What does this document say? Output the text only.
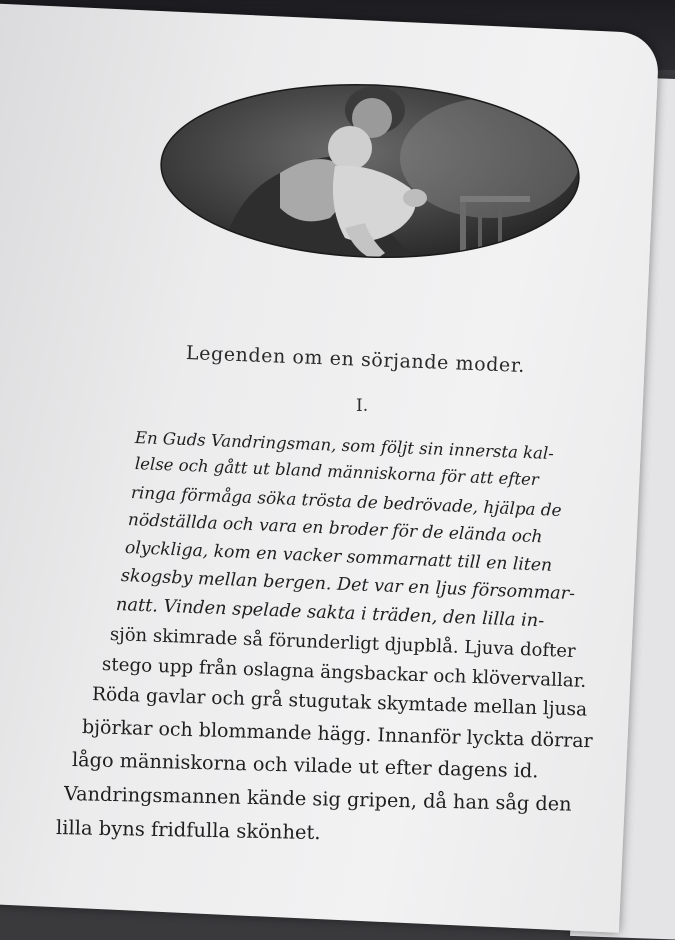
Legenden om en sörjande moder.
I.
En Guds Vandringsman, som följt sin innersta kal-
lelse och gått ut bland människorna för att efter
ringa förmåga söka trösta de bedrövade, hjälpa de
nödställda och vara en broder för de elända och
olyckliga, kom en vacker sommarnatt till en liten
skogsby mellan bergen. Det var en ljus försommar-
natt. Vinden spelade sakta i träden, den lilla in-
sjön skimrade så förunderligt djupblå. Ljuva dofter
stego upp från oslagna ängsbackar och klövervallar.
Röda gavlar och grå stugutak skymtade mellan ljusa
björkar och blommande hägg. Innanför lyckta dörrar
lågo människorna och vilade ut efter dagens id.
Vandringsmannen kände sig gripen, då han såg den
lilla byns fridfulla skönhet.
